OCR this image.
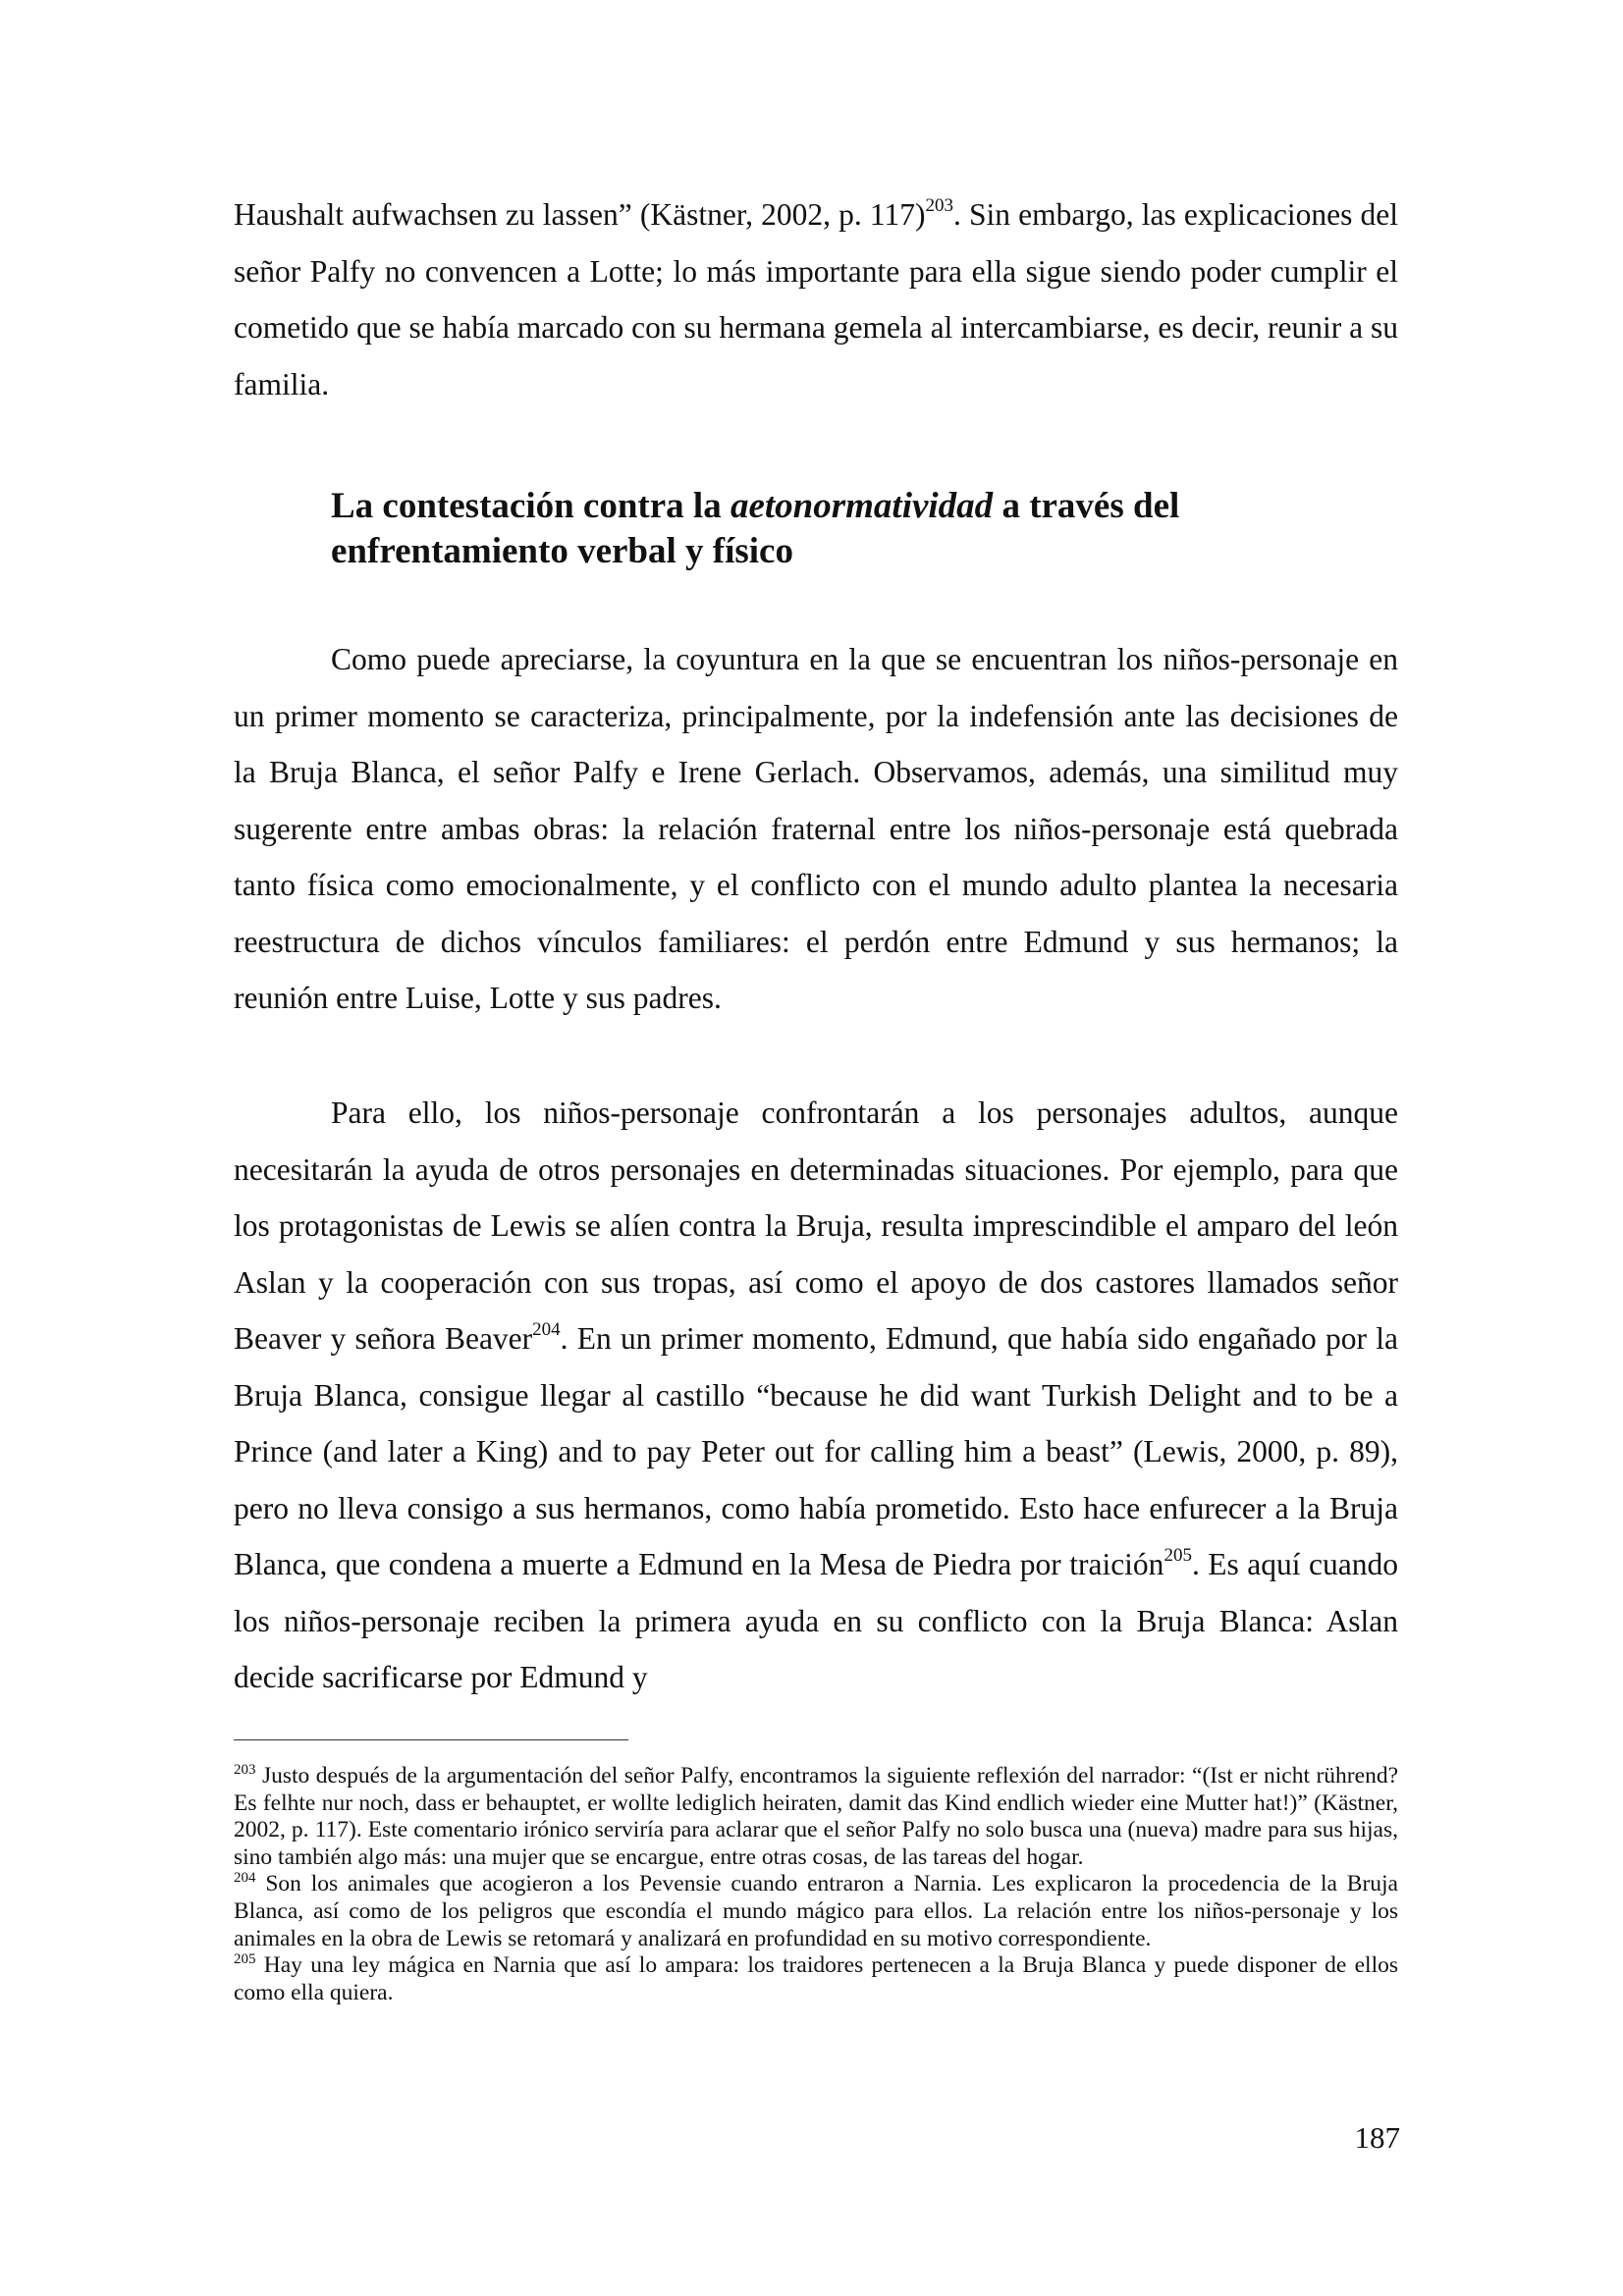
Haushalt aufwachsen zu lassen” (Kästner, 2002, p. 117)$^{203}$. Sin embargo, las explicaciones del señor Palfy no convencen a Lotte; lo más importante para ella sigue siendo poder cumplir el cometido que se había marcado con su hermana gemela al intercambiarse, es decir, reunir a su familia.

La contestación contra la aetonormatividad a través del enfrentamiento verbal y físico

Como puede apreciarse, la coyuntura en la que se encuentran los niños-personaje en un primer momento se caracteriza, principalmente, por la indefensión ante las decisiones de la Bruja Blanca, el señor Palfy e Irene Gerlach. Observamos, además, una similitud muy sugerente entre ambas obras: la relación fraternal entre los niños-personaje está quebrada tanto física como emocionalmente, y el conflicto con el mundo adulto plantea la necesaria reestructura de dichos vínculos familiares: el perdón entre Edmund y sus hermanos; la reunión entre Luise, Lotte y sus padres.

Para ello, los niños-personaje confrontarán a los personajes adultos, aunque necesitarán la ayuda de otros personajes en determinadas situaciones. Por ejemplo, para que los protagonistas de Lewis se alíen contra la Bruja, resulta imprescindible el amparo del león Aslan y la cooperación con sus tropas, así como el apoyo de dos castores llamados señor Beaver y señora Beaver$^{204}$. En un primer momento, Edmund, que había sido engañado por la Bruja Blanca, consigue llegar al castillo “because he did want Turkish Delight and to be a Prince (and later a King) and to pay Peter out for calling him a beast” (Lewis, 2000, p. 89), pero no lleva consigo a sus hermanos, como había prometido. Esto hace enfurecer a la Bruja Blanca, que condena a muerte a Edmund en la Mesa de Piedra por traición$^{205}$. Es aquí cuando los niños-personaje reciben la primera ayuda en su conflicto con la Bruja Blanca: Aslan decide sacrificarse por Edmund y

$^{203}$ Justo después de la argumentación del señor Palfy, encontramos la siguiente reflexión del narrador: “(Ist er nicht rührend? Es felhte nur noch, dass er behauptet, er wollte lediglich heiraten, damit das Kind endlich wieder eine Mutter hat!)” (Kästner, 2002, p. 117). Este comentario irónico serviría para aclarar que el señor Palfy no solo busca una (nueva) madre para sus hijas, sino también algo más: una mujer que se encargue, entre otras cosas, de las tareas del hogar.

$^{204}$ Son los animales que acogieron a los Pevensie cuando entraron a Narnia. Les explicaron la procedencia de la Bruja Blanca, así como de los peligros que escondía el mundo mágico para ellos. La relación entre los niños-personaje y los animales en la obra de Lewis se retomará y analizará en profundidad en su motivo correspondiente.

$^{205}$ Hay una ley mágica en Narnia que así lo ampara: los traidores pertenecen a la Bruja Blanca y puede disponer de ellos como ella quiera.

187
